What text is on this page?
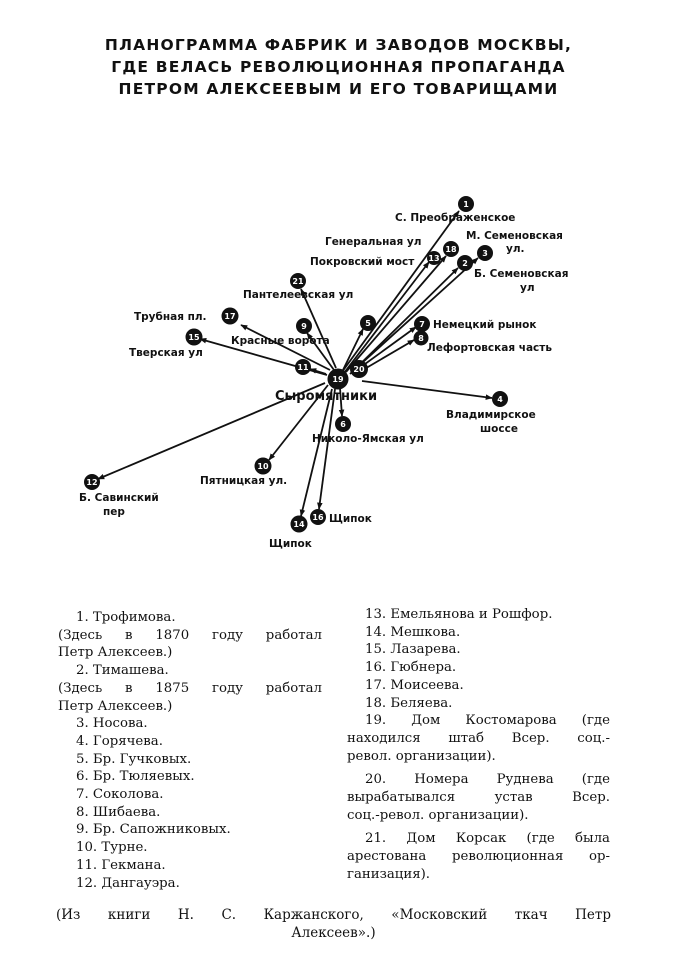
ПЛАНОГРАММА ФАБРИК И ЗАВОДОВ МОСКВЫ,
ГДЕ ВЕЛАСЬ РЕВОЛЮЦИОННАЯ ПРОПАГАНДА
ПЕТРОМ АЛЕКСЕЕВЫМ И ЕГО ТОВАРИЩАМИ
19
20
1
18
13
3
2
21
5	7
8
9
17
15
11
4
6
10
12
14
16
С. Преображенское
Генеральная ул
Покровский мост
М. Семеновская
ул.
Б. Семеновская
ул
Пантелеевская ул
Трубная пл.
Красные ворота
Тверская ул
Немецкий рынок
Лефортовская часть
Сыромятники
Владимирское
шоссе
Николо-Ямская ул
Пятницкая ул.
Б. Савинский
пер
Щипок
Щипок
1. Трофимова.
(Здесь в 1870 году работал
Петр Алексеев.)
2. Тимашева.
(Здесь в 1875 году работал
Петр Алексеев.)
3. Носова.
4. Горячева.
5. Бр. Гучковых.
6. Бр. Тюляевых.
7. Соколова.
8. Шибаева.
9. Бр. Сапожниковых.
10. Турне.
11. Гекмана.
12. Дангауэра.
13. Емельянова и Рошфор.
14. Мешкова.
15. Лазарева.
16. Гюбнера.
17. Моисеева.
18. Беляева.
19. Дом Костомарова (где
находился штаб Всер. соц.-
револ. организации).
20. Номера Руднева (где
вырабатывался устав Всер.
соц.-револ. организации).
21. Дом Корсак (где была
арестована революционная ор-
ганизация).
(Из книги Н. С. Каржанского, «Московский ткач Петр
Алексеев».)
